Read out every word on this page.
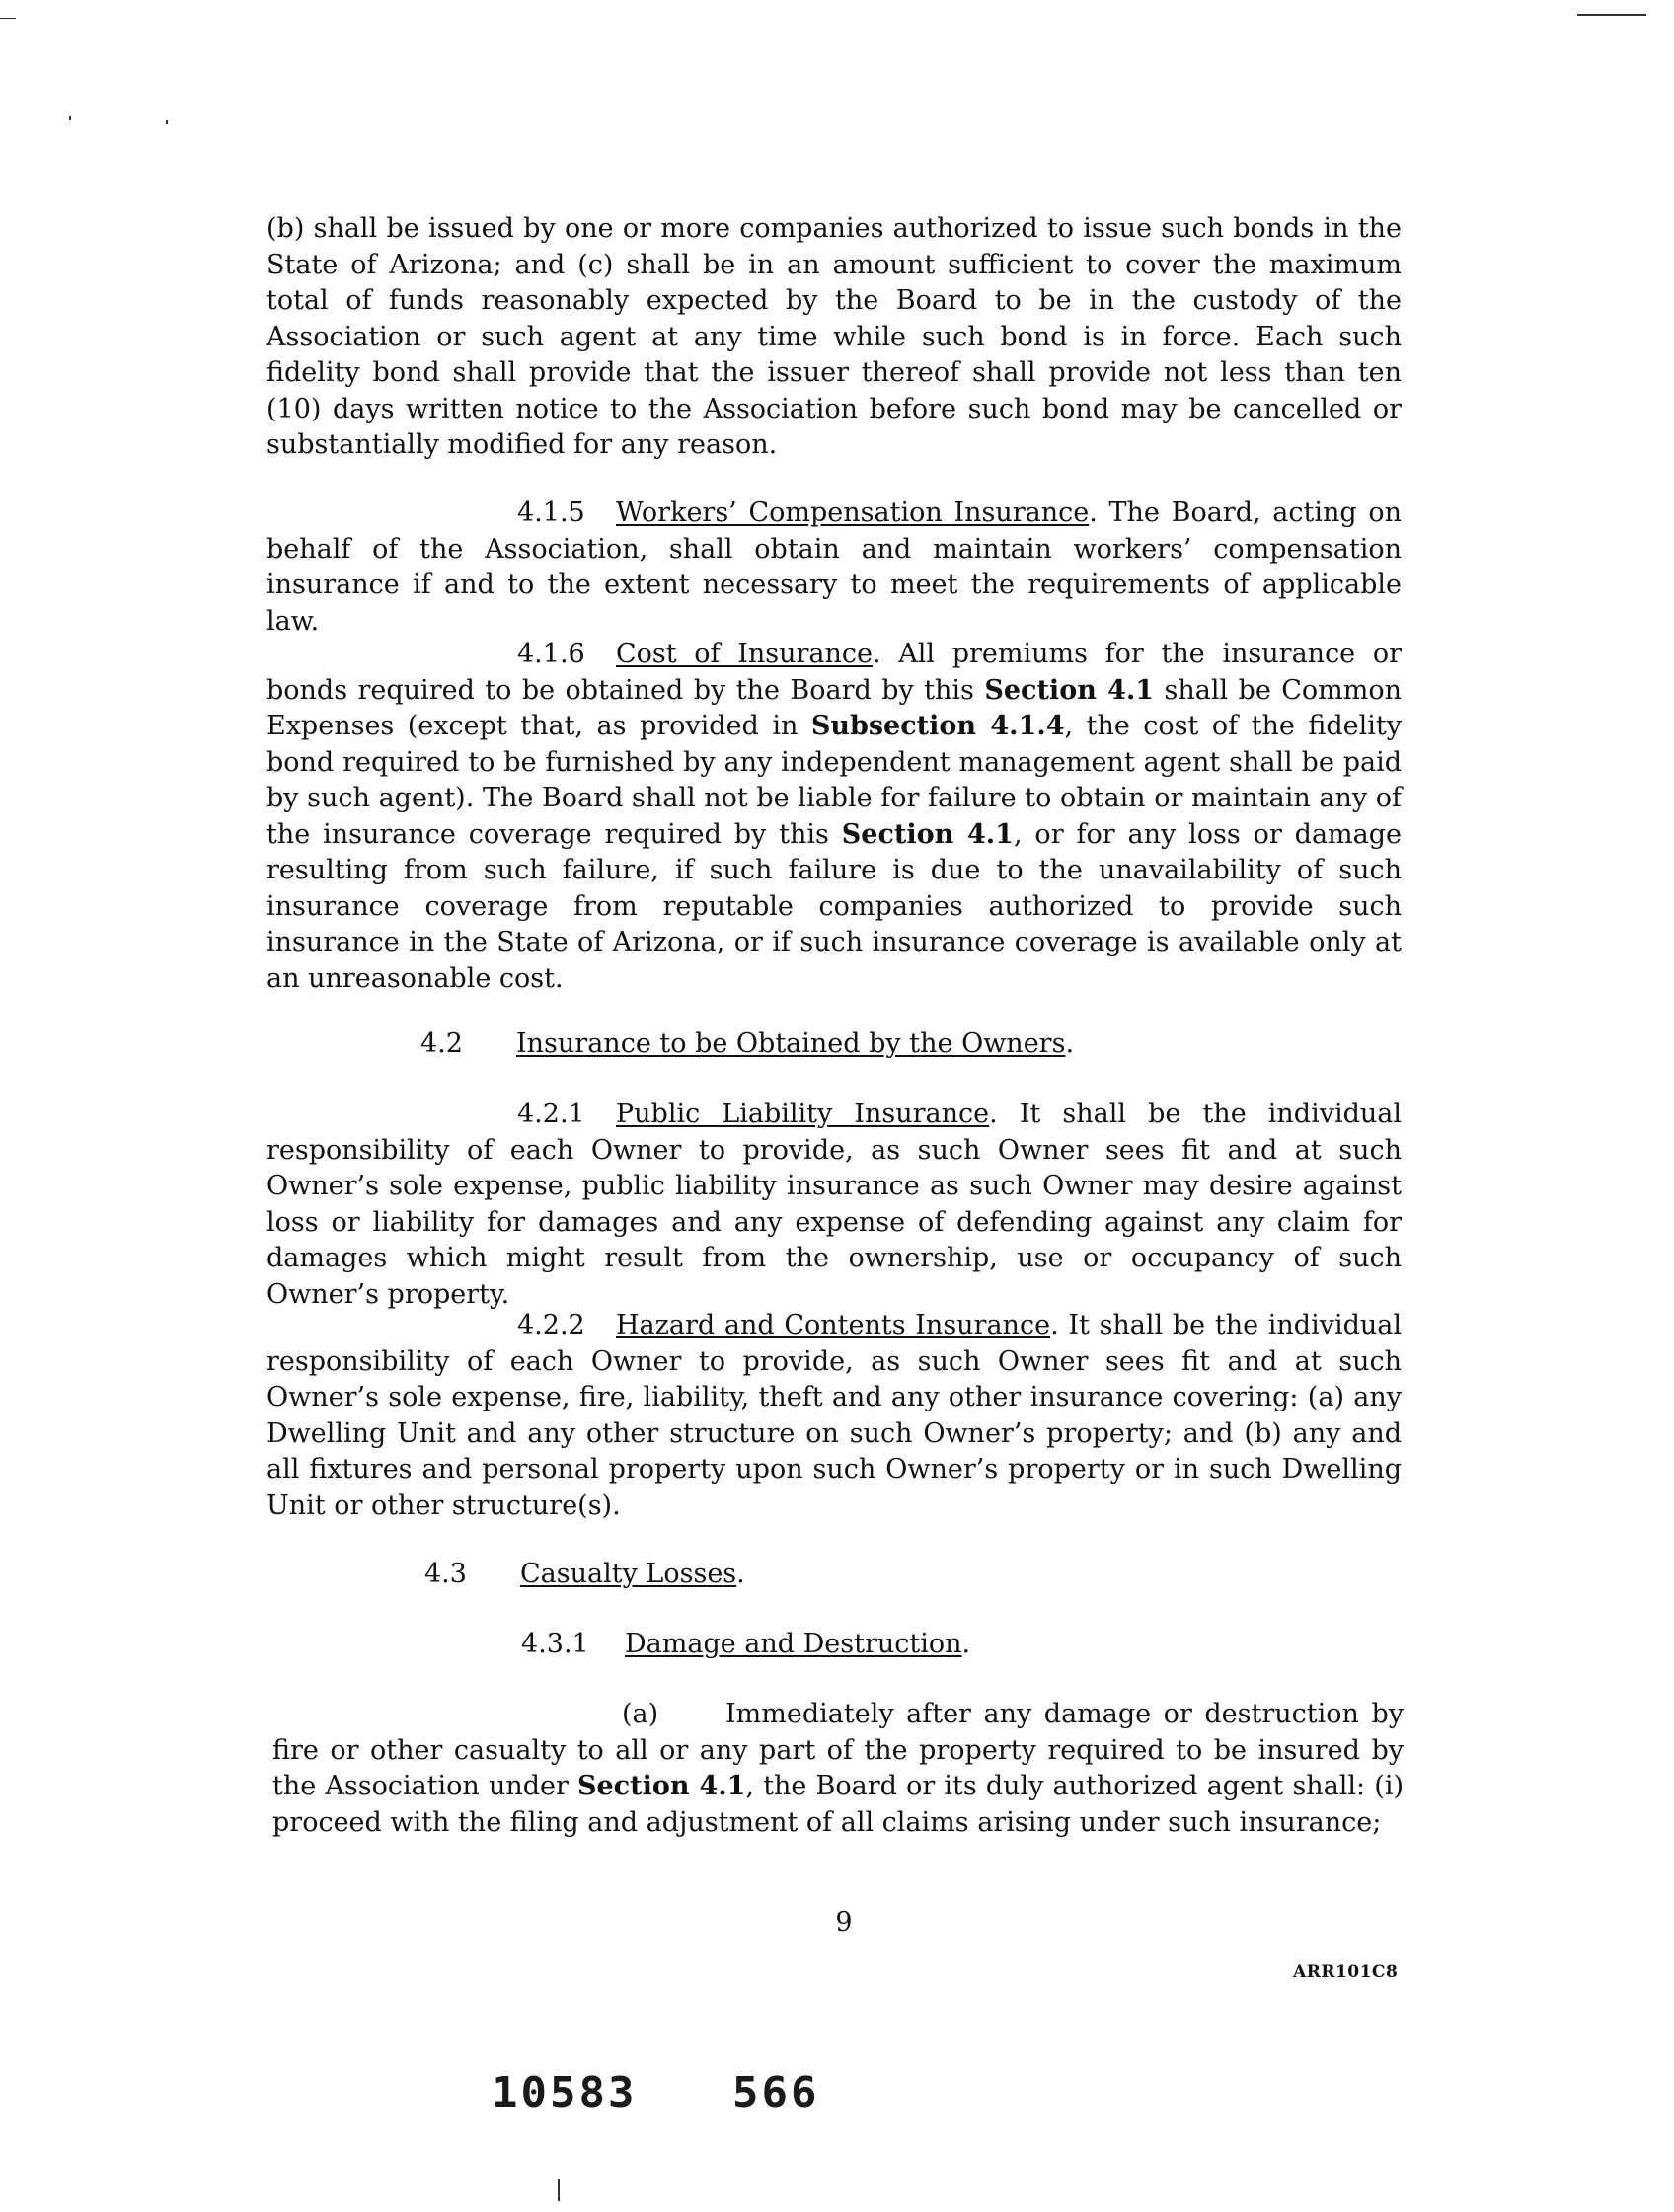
(b) shall be issued by one or more companies authorized to issue such bonds in the State of Arizona; and (c) shall be in an amount sufficient to cover the maximum total of funds reasonably expected by the Board to be in the custody of the Association or such agent at any time while such bond is in force. Each such fidelity bond shall provide that the issuer thereof shall provide not less than ten (10) days written notice to the Association before such bond may be cancelled or substantially modified for any reason.

4.1.5 Workers’ Compensation Insurance. The Board, acting on behalf of the Association, shall obtain and maintain workers’ compensation insurance if and to the extent necessary to meet the requirements of applicable law.

4.1.6 Cost of Insurance. All premiums for the insurance or bonds required to be obtained by the Board by this Section 4.1 shall be Common Expenses (except that, as provided in Subsection 4.1.4, the cost of the fidelity bond required to be furnished by any independent management agent shall be paid by such agent). The Board shall not be liable for failure to obtain or maintain any of the insurance coverage required by this Section 4.1, or for any loss or damage resulting from such failure, if such failure is due to the unavailability of such insurance coverage from reputable companies authorized to provide such insurance in the State of Arizona, or if such insurance coverage is available only at an unreasonable cost.

4.2 Insurance to be Obtained by the Owners.

4.2.1 Public Liability Insurance. It shall be the individual responsibility of each Owner to provide, as such Owner sees fit and at such Owner’s sole expense, public liability insurance as such Owner may desire against loss or liability for damages and any expense of defending against any claim for damages which might result from the ownership, use or occupancy of such Owner’s property.

4.2.2 Hazard and Contents Insurance. It shall be the individual responsibility of each Owner to provide, as such Owner sees fit and at such Owner’s sole expense, fire, liability, theft and any other insurance covering: (a) any Dwelling Unit and any other structure on such Owner’s property; and (b) any and all fixtures and personal property upon such Owner’s property or in such Dwelling Unit or other structure(s).

4.3 Casualty Losses.
4.3.1 Damage and Destruction.

(a)	Immediately after any damage or destruction by fire or other casualty to all or any part of the property required to be insured by the Association under Section 4.1, the Board or its duly authorized agent shall: (i) proceed with the filing and adjustment of all claims arising under such insurance;

9
ARR101C8
10583 566
